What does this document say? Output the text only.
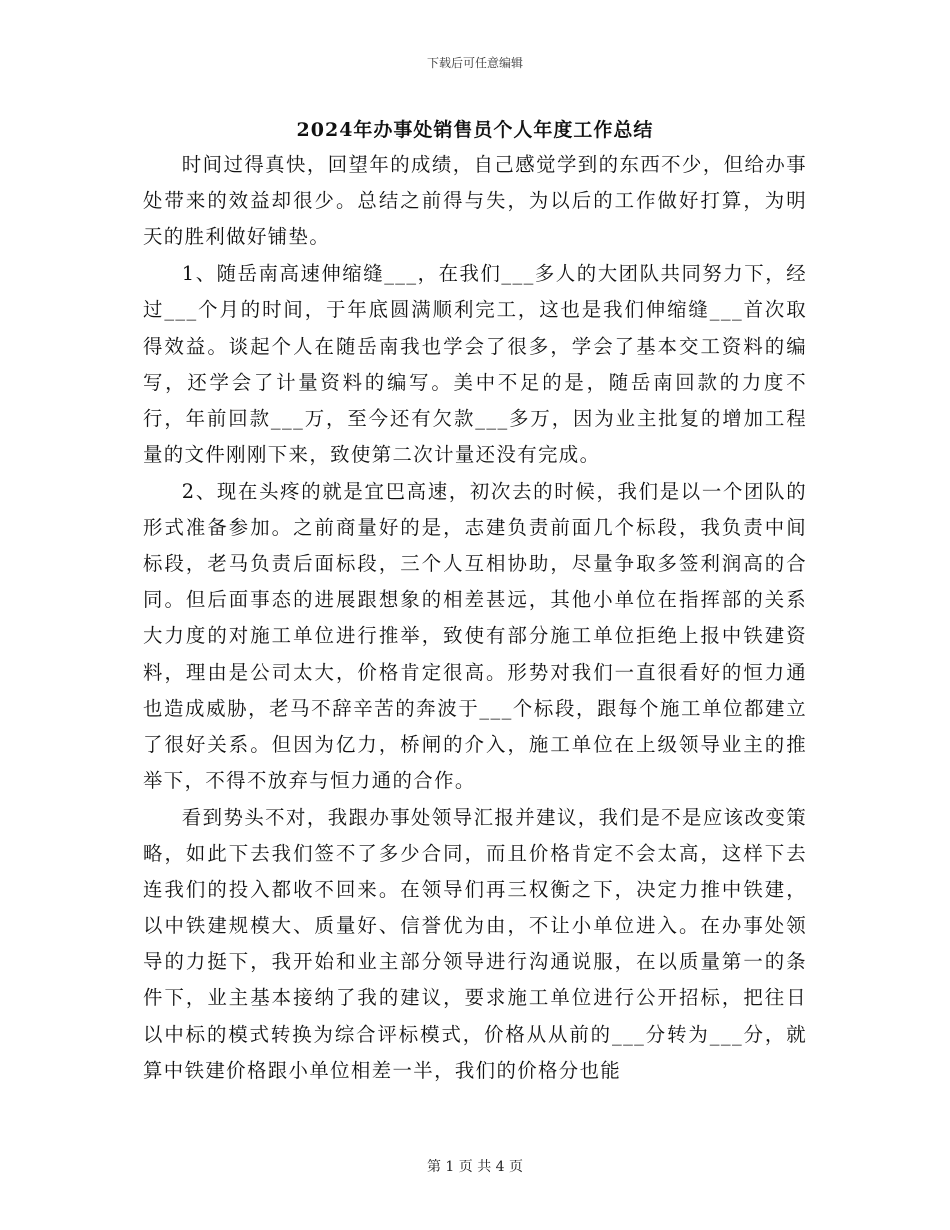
下载后可任意编辑
2024年办事处销售员个人年度工作总结

时间过得真快，回望年的成绩，自己感觉学到的东西不少，但给办事处带来的效益却很少。总结之前得与失，为以后的工作做好打算，为明天的胜利做好铺垫。

1、随岳南高速伸缩缝___，在我们___多人的大团队共同努力下，经过___个月的时间，于年底圆满顺利完工，这也是我们伸缩缝___首次取得效益。谈起个人在随岳南我也学会了很多，学会了基本交工资料的编写，还学会了计量资料的编写。美中不足的是，随岳南回款的力度不行，年前回款___万，至今还有欠款___多万，因为业主批复的增加工程量的文件刚刚下来，致使第二次计量还没有完成。

2、现在头疼的就是宜巴高速，初次去的时候，我们是以一个团队的形式准备参加。之前商量好的是，志建负责前面几个标段，我负责中间标段，老马负责后面标段，三个人互相协助，尽量争取多签利润高的合同。但后面事态的进展跟想象的相差甚远，其他小单位在指挥部的关系大力度的对施工单位进行推举，致使有部分施工单位拒绝上报中铁建资料，理由是公司太大，价格肯定很高。形势对我们一直很看好的恒力通也造成威胁，老马不辞辛苦的奔波于___个标段，跟每个施工单位都建立了很好关系。但因为亿力，桥闸的介入，施工单位在上级领导业主的推举下，不得不放弃与恒力通的合作。

看到势头不对，我跟办事处领导汇报并建议，我们是不是应该改变策略，如此下去我们签不了多少合同，而且价格肯定不会太高，这样下去连我们的投入都收不回来。在领导们再三权衡之下，决定力推中铁建，以中铁建规模大、质量好、信誉优为由，不让小单位进入。在办事处领导的力挺下，我开始和业主部分领导进行沟通说服，在以质量第一的条件下，业主基本接纳了我的建议，要求施工单位进行公开招标，把往日以中标的模式转换为综合评标模式，价格从从前的___分转为___分，就算中铁建价格跟小单位相差一半，我们的价格分也能

第 1 页 共 4 页
